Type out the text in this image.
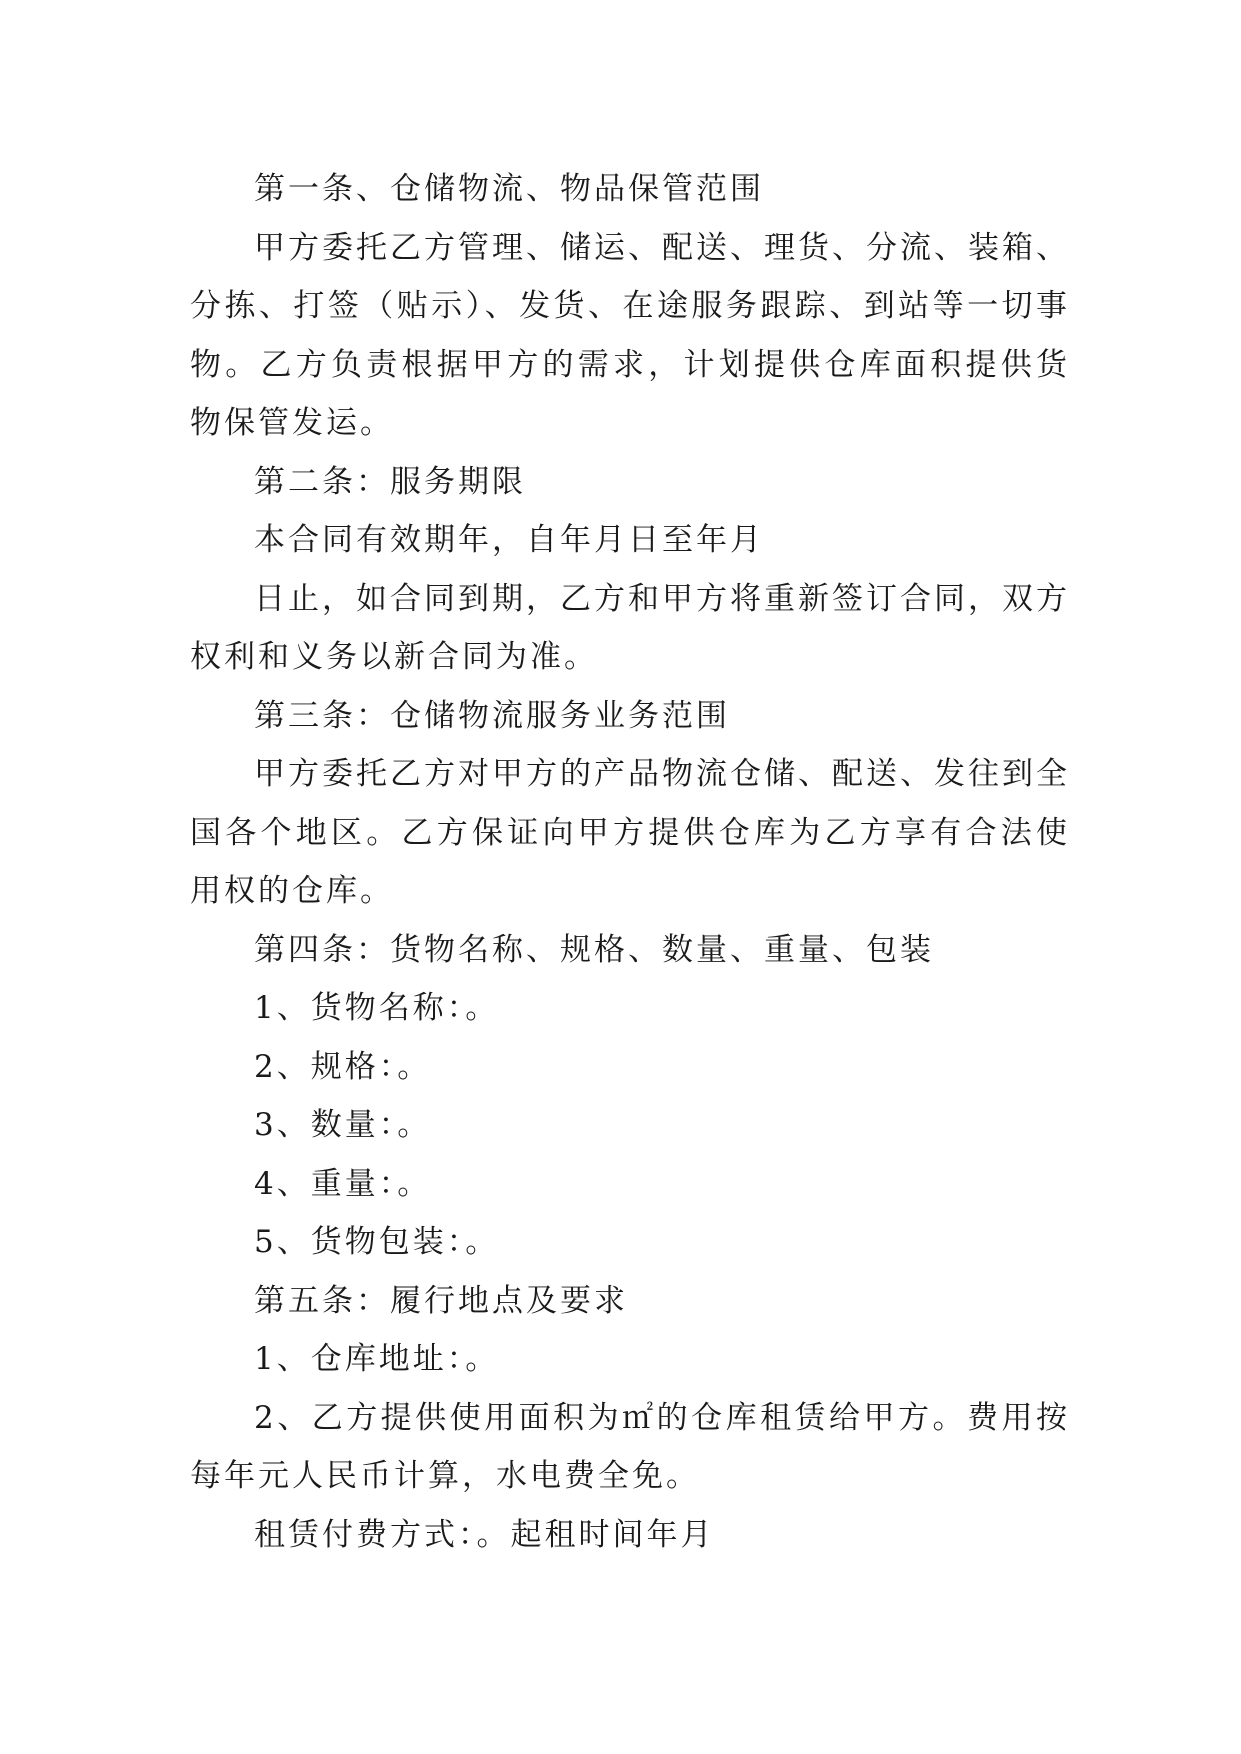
第一条、仓储物流、物品保管范围

甲方委托乙方管理、储运、配送、理货、分流、装箱、分拣、打签（贴示）、发货、在途服务跟踪、到站等一切事物。乙方负责根据甲方的需求，计划提供仓库面积提供货物保管发运。

第二条：服务期限

本合同有效期年，自年月日至年月

日止，如合同到期，乙方和甲方将重新签订合同，双方权利和义务以新合同为准。

第三条：仓储物流服务业务范围

甲方委托乙方对甲方的产品物流仓储、配送、发往到全国各个地区。乙方保证向甲方提供仓库为乙方享有合法使用权的仓库。

第四条：货物名称、规格、数量、重量、包装

1、货物名称：。

2、规格：。

3、数量：。

4、重量：。

5、货物包装：。

第五条：履行地点及要求

1、仓库地址：。

2、乙方提供使用面积为㎡的仓库租赁给甲方。费用按每年元人民币计算，水电费全免。

租赁付费方式：。起租时间年月
